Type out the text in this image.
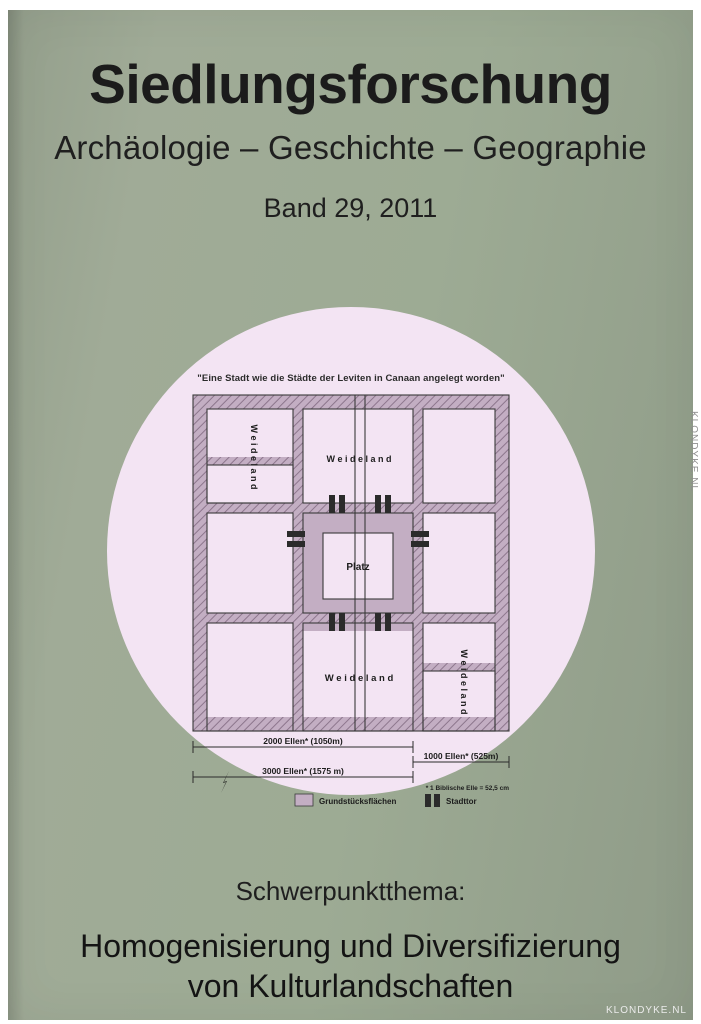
Siedlungsforschung
Archäologie – Geschichte – Geographie
Band 29, 2011
"Eine Stadt wie die Städte der Leviten in Canaan angelegt worden"
W e i d e l a n d
W e i d e l a n d
W e i d e l a n d
W e i d e l a n d
Platz
2000 Ellen* (1050m)
1000 Ellen* (525m)
3000 Ellen* (1575 m)
* 1 Biblische Elle = 52,5 cm
Grundstücksflächen	Stadttor
Schwerpunktthema:
Homogenisierung und Diversifizierung
von Kulturlandschaften
KLONDYKE.NL
KLONDYKE.NL
